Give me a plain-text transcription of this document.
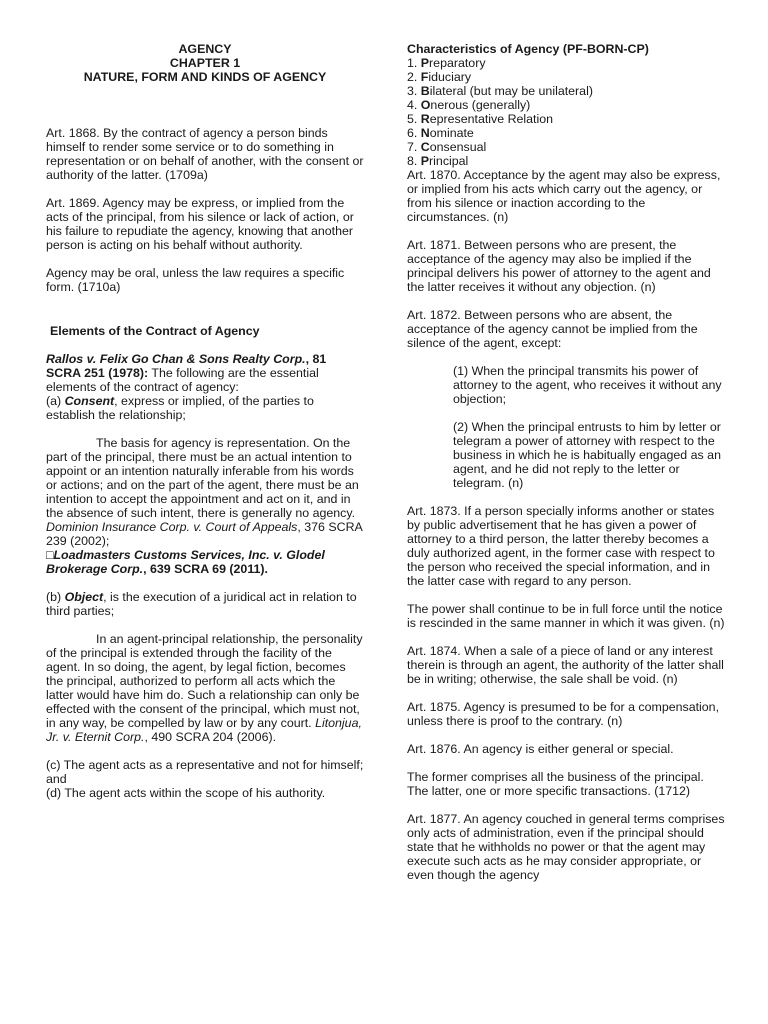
AGENCY

CHAPTER 1

NATURE, FORM AND KINDS OF AGENCY

Art. 1868. By the contract of agency a person binds himself to render some service or to do something in representation or on behalf of another, with the consent or authority of the latter. (1709a)

Art. 1869. Agency may be express, or implied from the acts of the principal, from his silence or lack of action, or his failure to repudiate the agency, knowing that another person is acting on his behalf without authority.

Agency may be oral, unless the law requires a specific form. (1710a)

Elements of the Contract of Agency

Rallos v. Felix Go Chan & Sons Realty Corp., 81 SCRA 251 (1978): The following are the essential elements of the contract of agency:

(a) Consent, express or implied, of the parties to establish the relationship;

The basis for agency is representation. On the part of the principal, there must be an actual intention to appoint or an intention naturally inferable from his words or actions; and on the part of the agent, there must be an intention to accept the appointment and act on it, and in the absence of such intent, there is generally no agency. Dominion Insurance Corp. v. Court of Appeals, 376 SCRA 239 (2002);

□Loadmasters Customs Services, Inc. v. Glodel Brokerage Corp., 639 SCRA 69 (2011).

(b) Object, is the execution of a juridical act in relation to third parties;

In an agent-principal relationship, the personality of the principal is extended through the facility of the agent. In so doing, the agent, by legal fiction, becomes the principal, authorized to perform all acts which the latter would have him do. Such a relationship can only be effected with the consent of the principal, which must not, in any way, be compelled by law or by any court. Litonjua, Jr. v. Eternit Corp., 490 SCRA 204 (2006).

(c) The agent acts as a representative and not for himself; and

(d) The agent acts within the scope of his authority.

Characteristics of Agency (PF-BORN-CP)

1. Preparatory
2. Fiduciary
3. Bilateral (but may be unilateral)
4. Onerous (generally)
5. Representative Relation
6. Nominate
7. Consensual
8. Principal

Art. 1870. Acceptance by the agent may also be express, or implied from his acts which carry out the agency, or from his silence or inaction according to the circumstances. (n)

Art. 1871. Between persons who are present, the acceptance of the agency may also be implied if the principal delivers his power of attorney to the agent and the latter receives it without any objection. (n)

Art. 1872. Between persons who are absent, the acceptance of the agency cannot be implied from the silence of the agent, except:

(1) When the principal transmits his power of attorney to the agent, who receives it without any objection;

(2) When the principal entrusts to him by letter or telegram a power of attorney with respect to the business in which he is habitually engaged as an agent, and he did not reply to the letter or telegram. (n)

Art. 1873. If a person specially informs another or states by public advertisement that he has given a power of attorney to a third person, the latter thereby becomes a duly authorized agent, in the former case with respect to the person who received the special information, and in the latter case with regard to any person.

The power shall continue to be in full force until the notice is rescinded in the same manner in which it was given. (n)

Art. 1874. When a sale of a piece of land or any interest therein is through an agent, the authority of the latter shall be in writing; otherwise, the sale shall be void. (n)

Art. 1875. Agency is presumed to be for a compensation, unless there is proof to the contrary. (n)

Art. 1876. An agency is either general or special.

The former comprises all the business of the principal. The latter, one or more specific transactions. (1712)

Art. 1877. An agency couched in general terms comprises only acts of administration, even if the principal should state that he withholds no power or that the agent may execute such acts as he may consider appropriate, or even though the agency
